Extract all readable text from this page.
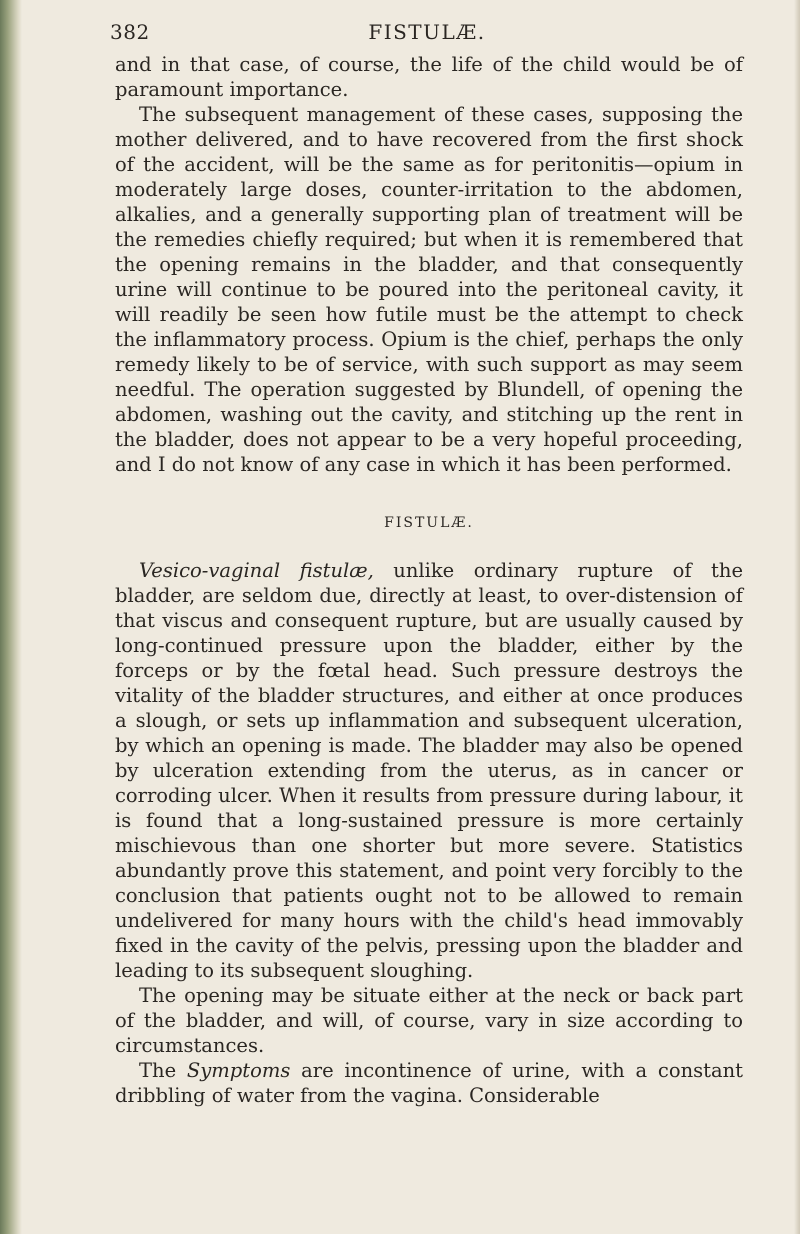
382	FISTULÆ.

and in that case, of course, the life of the child would be of paramount importance.

The subsequent management of these cases, supposing the mother delivered, and to have recovered from the first shock of the accident, will be the same as for peritonitis—opium in moderately large doses, counter-irritation to the abdomen, alkalies, and a generally supporting plan of treatment will be the remedies chiefly required; but when it is remembered that the opening remains in the bladder, and that consequently urine will continue to be poured into the peritoneal cavity, it will readily be seen how futile must be the attempt to check the inflammatory process. Opium is the chief, perhaps the only remedy likely to be of service, with such support as may seem needful. The operation suggested by Blundell, of opening the abdomen, washing out the cavity, and stitching up the rent in the bladder, does not appear to be a very hopeful proceeding, and I do not know of any case in which it has been performed.

FISTULÆ.

Vesico-vaginal fistulæ, unlike ordinary rupture of the bladder, are seldom due, directly at least, to over-distension of that viscus and consequent rupture, but are usually caused by long-continued pressure upon the bladder, either by the forceps or by the fœtal head. Such pressure destroys the vitality of the bladder structures, and either at once produces a slough, or sets up inflammation and subsequent ulceration, by which an opening is made. The bladder may also be opened by ulceration extending from the uterus, as in cancer or corroding ulcer. When it results from pressure during labour, it is found that a long-sustained pressure is more certainly mischievous than one shorter but more severe. Statistics abundantly prove this statement, and point very forcibly to the conclusion that patients ought not to be allowed to remain undelivered for many hours with the child's head immovably fixed in the cavity of the pelvis, pressing upon the bladder and leading to its subsequent sloughing.

The opening may be situate either at the neck or back part of the bladder, and will, of course, vary in size according to circumstances.

The Symptoms are incontinence of urine, with a constant dribbling of water from the vagina. Considerable
